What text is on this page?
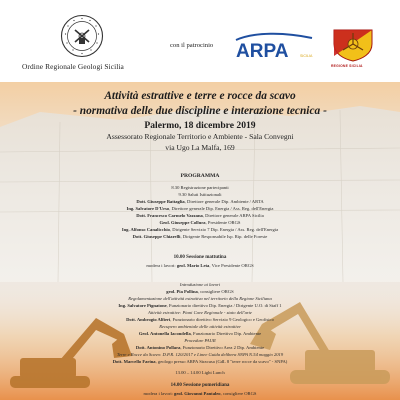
Ordine Regionale Geologi Sicilia
con il patrocinio ARPA	SICILIA
REGIONE SICILIA
Attività estrattive e terre e rocce da scavo
- normativa delle due discipline e interazione tecnica -
Palermo, 18 dicembre 2019
Assessorato Regionale Territorio e Ambiente - Sala Convegni
via Ugo La Malfa, 169
PROGRAMMA
8.30 Registrazione partecipanti
9.30 Saluti Istituzionali
Dott. Giuseppe Battaglia, Direttore generale Dip. Ambiente / ARTA
Ing. Salvatore D'Urso, Direttore generale Dip. Energia / Ass. Reg. dell'Energia
Dott. Francesco Carmelo Vazzana, Direttore generale ARPA Sicilia
Geol. Giuseppe Collura, Presidente ORGS
Ing. Alfonso Canalicchio, Dirigente Servizio 7 Dip. Energia / Ass. Reg. dell'Energia
Dott. Giuseppe Chiarelli, Dirigente Responsabile Isp. Rip. delle Foreste
10.00 Sessione mattutina
modera i lavori: geol. Mario Leta, Vice Presidente ORGS
Introduzione ai lavori
geol. Pia Pollina, consigliere ORGS
Regolamentazione dell'attività estrattiva nel territorio della Regione Siciliana
Ing. Salvatore Pignatone, Funzionario direttivo Dip. Energia / Dirigente U.O. di Staff 1
Attività estrattive: Piani Cave Regionale - stato dell'arte
Dott. Ambrogio Alfieri, Funzionario direttivo Servizio 9 Geologico e Geofisico
Recupero ambientale delle attività estrattive
Geol. Antonella Iacondella, Funzionario Direttivo Dip. Ambiente
Procedure PAUR
Dott. Antonino Pollara, Funzionario Direttivo Area 2 Dip. Ambiente
Terre e Rocce da Scavo: D.P.R. 120/2017 e Linee Guida delibera SNPA N.54 maggio 2019
Dott. Marcello Farina, geologo presso ARPA Siracusa (GdL 8 "terre rocce da scavo" - SNPA)
13.00 – 14.00 Light Lunch
14.00 Sessione pomeridiana
modera i lavori: geol. Giovanni Pantaleo, consigliere ORGS
